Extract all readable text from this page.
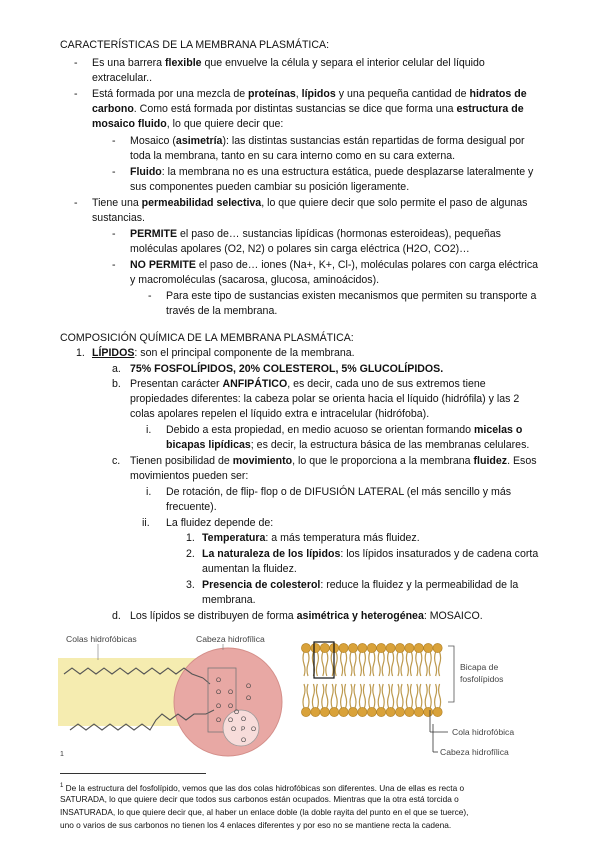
CARACTERÍSTICAS DE LA MEMBRANA PLASMÁTICA:
- Es una barrera flexible que envuelve la célula y separa el interior celular del líquido
extracelular..
- Está formada por una mezcla de proteínas, lípidos y una pequeña cantidad de hidratos de
carbono. Como está formada por distintas sustancias se dice que forma una estructura de
mosaico fluido, lo que quiere decir que:
- Mosaico (asimetría): las distintas sustancias están repartidas de forma desigual por
toda la membrana, tanto en su cara interno como en su cara externa.
- Fluido: la membrana no es una estructura estática, puede desplazarse lateralmente y
sus componentes pueden cambiar su posición ligeramente.
- Tiene una permeabilidad selectiva, lo que quiere decir que solo permite el paso de algunas
sustancias.
- PERMITE el paso de… sustancias lipídicas (hormonas esteroideas), pequeñas
moléculas apolares (O2, N2) o polares sin carga eléctrica (H2O, CO2)…
- NO PERMITE el paso de… iones (Na+, K+, Cl-), moléculas polares con carga eléctrica
y macromoléculas (sacarosa, glucosa, aminoácidos).
- Para este tipo de sustancias existen mecanismos que permiten su transporte a
través de la membrana.
COMPOSICIÓN QUÍMICA DE LA MEMBRANA PLASMÁTICA:
1. LÍPIDOS: son el principal componente de la membrana.
a. 75% FOSFOLÍPIDOS, 20% COLESTEROL, 5% GLUCOLÍPIDOS.
b. Presentan carácter ANFIPÁTICO, es decir, cada uno de sus extremos tiene
propiedades diferentes: la cabeza polar se orienta hacia el líquido (hidrófila) y las 2
colas apolares repelen el líquido extra e intracelular (hidrófoba).
i. Debido a esta propiedad, en medio acuoso se orientan formando micelas o
bicapas lipídicas; es decir, la estructura básica de las membranas celulares.
c. Tienen posibilidad de movimiento, lo que le proporciona a la membrana fluidez. Esos
movimientos pueden ser:
i. De rotación, de flip- flop o de DIFUSIÓN LATERAL (el más sencillo y más
frecuente).
ii. La fluidez depende de:
1. Temperatura: a más temperatura más fluidez.
2. La naturaleza de los lípidos: los lípidos insaturados y de cadena corta
aumentan la fluidez.
3. Presencia de colesterol: reduce la fluidez y la permeabilidad de la
membrana.
d. Los lípidos se distribuyen de forma asimétrica y heterogénea: MOSAICO.
O
O O
O O
O O
O
O
O
P
O O
O
O
Colas hidrofóbicas	Cabeza hidrofílica
1
Bicapa de
fosfolípidos
Cola hidrofóbica
Cabeza hidrofílica
$^1$ De la estructura del fosfolípido, vemos que las dos colas hidrofóbicas son diferentes. Una de ellas es recta o
SATURADA, lo que quiere decir que todos sus carbonos están ocupados. Mientras que la otra está torcida o
INSATURADA, lo que quiere decir que, al haber un enlace doble (la doble rayita del punto en el que se tuerce),
uno o varios de sus carbonos no tienen los 4 enlaces diferentes y por eso no se mantiene recta la cadena.
